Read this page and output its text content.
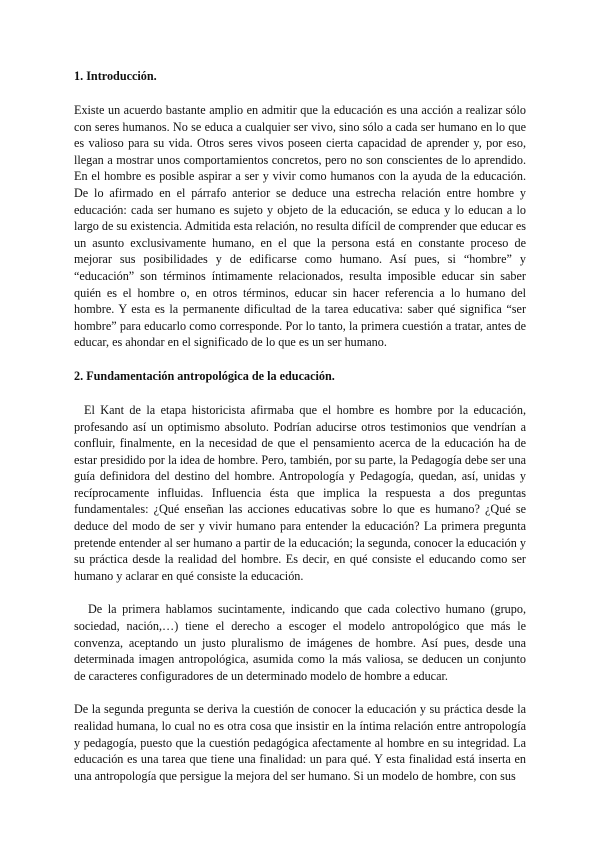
1. Introducción.

Existe un acuerdo bastante amplio en admitir que la educación es una acción a realizar sólo con seres humanos. No se educa a cualquier ser vivo, sino sólo a cada ser humano en lo que es valioso para su vida. Otros seres vivos poseen cierta capacidad de aprender y, por eso, llegan a mostrar unos comportamientos concretos, pero no son conscientes de lo aprendido. En el hombre es posible aspirar a ser y vivir como humanos con la ayuda de la educación. De lo afirmado en el párrafo anterior se deduce una estrecha relación entre hombre y educación: cada ser humano es sujeto y objeto de la educación, se educa y lo educan a lo largo de su existencia. Admitida esta relación, no resulta difícil de comprender que educar es un asunto exclusivamente humano, en el que la persona está en constante proceso de mejorar sus posibilidades y de edificarse como humano. Así pues, si “hombre” y “educación” son términos íntimamente relacionados, resulta imposible educar sin saber quién es el hombre o, en otros términos, educar sin hacer referencia a lo humano del hombre. Y esta es la permanente dificultad de la tarea educativa: saber qué significa “ser hombre” para educarlo como corresponde. Por lo tanto, la primera cuestión a tratar, antes de educar, es ahondar en el significado de lo que es un ser humano.

2. Fundamentación antropológica de la educación.

El Kant de la etapa historicista afirmaba que el hombre es hombre por la educación, profesando así un optimismo absoluto. Podrían aducirse otros testimonios que vendrían a confluir, finalmente, en la necesidad de que el pensamiento acerca de la educación ha de estar presidido por la idea de hombre. Pero, también, por su parte, la Pedagogía debe ser una guía definidora del destino del hombre. Antropología y Pedagogía, quedan, así, unidas y recíprocamente influidas. Influencia ésta que implica la respuesta a dos preguntas fundamentales: ¿Qué enseñan las acciones educativas sobre lo que es humano? ¿Qué se deduce del modo de ser y vivir humano para entender la educación? La primera pregunta pretende entender al ser humano a partir de la educación; la segunda, conocer la educación y su práctica desde la realidad del hombre. Es decir, en qué consiste el educando como ser humano y aclarar en qué consiste la educación.

De la primera hablamos sucintamente, indicando que cada colectivo humano (grupo, sociedad, nación,…) tiene el derecho a escoger el modelo antropológico que más le convenza, aceptando un justo pluralismo de imágenes de hombre. Así pues, desde una determinada imagen antropológica, asumida como la más valiosa, se deducen un conjunto de caracteres configuradores de un determinado modelo de hombre a educar.

De la segunda pregunta se deriva la cuestión de conocer la educación y su práctica desde la realidad humana, lo cual no es otra cosa que insistir en la íntima relación entre antropología y pedagogía, puesto que la cuestión pedagógica afectamente al hombre en su integridad. La educación es una tarea que tiene una finalidad: un para qué. Y esta finalidad está inserta en una antropología que persigue la mejora del ser humano. Si un modelo de hombre, con sus
